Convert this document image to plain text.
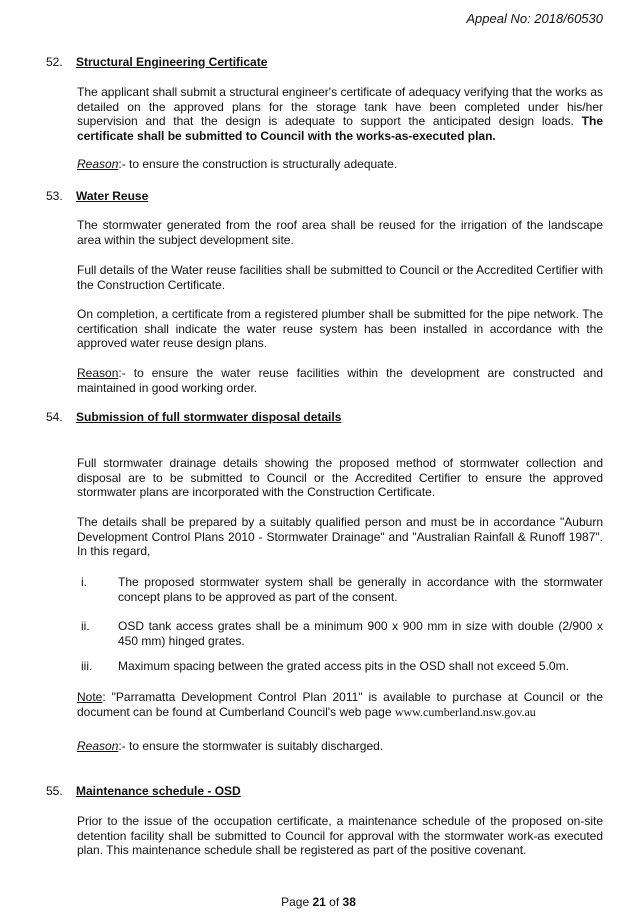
Appeal No: 2018/60530
52. Structural Engineering Certificate

The applicant shall submit a structural engineer's certificate of adequacy verifying that the works as detailed on the approved plans for the storage tank have been completed under his/her supervision and that the design is adequate to support the anticipated design loads. The certificate shall be submitted to Council with the works-as-executed plan.

Reason:- to ensure the construction is structurally adequate.

53. Water Reuse

The stormwater generated from the roof area shall be reused for the irrigation of the landscape area within the subject development site.

Full details of the Water reuse facilities shall be submitted to Council or the Accredited Certifier with the Construction Certificate.

On completion, a certificate from a registered plumber shall be submitted for the pipe network. The certification shall indicate the water reuse system has been installed in accordance with the approved water reuse design plans.

Reason:- to ensure the water reuse facilities within the development are constructed and maintained in good working order.

54. Submission of full stormwater disposal details

Full stormwater drainage details showing the proposed method of stormwater collection and disposal are to be submitted to Council or the Accredited Certifier to ensure the approved stormwater plans are incorporated with the Construction Certificate.

The details shall be prepared by a suitably qualified person and must be in accordance "Auburn Development Control Plans 2010 - Stormwater Drainage" and "Australian Rainfall & Runoff 1987". In this regard,

i.	The proposed stormwater system shall be generally in accordance with the stormwater concept plans to be approved as part of the consent.
ii.	OSD tank access grates shall be a minimum 900 x 900 mm in size with double (2/900 x 450 mm) hinged grates.
iii.	Maximum spacing between the grated access pits in the OSD shall not exceed 5.0m.

Note: "Parramatta Development Control Plan 2011" is available to purchase at Council or the document can be found at Cumberland Council's web page www.cumberland.nsw.gov.au

Reason:- to ensure the stormwater is suitably discharged.

55. Maintenance schedule - OSD

Prior to the issue of the occupation certificate, a maintenance schedule of the proposed on-site detention facility shall be submitted to Council for approval with the stormwater work-as executed plan. This maintenance schedule shall be registered as part of the positive covenant.

Page 21 of 38
